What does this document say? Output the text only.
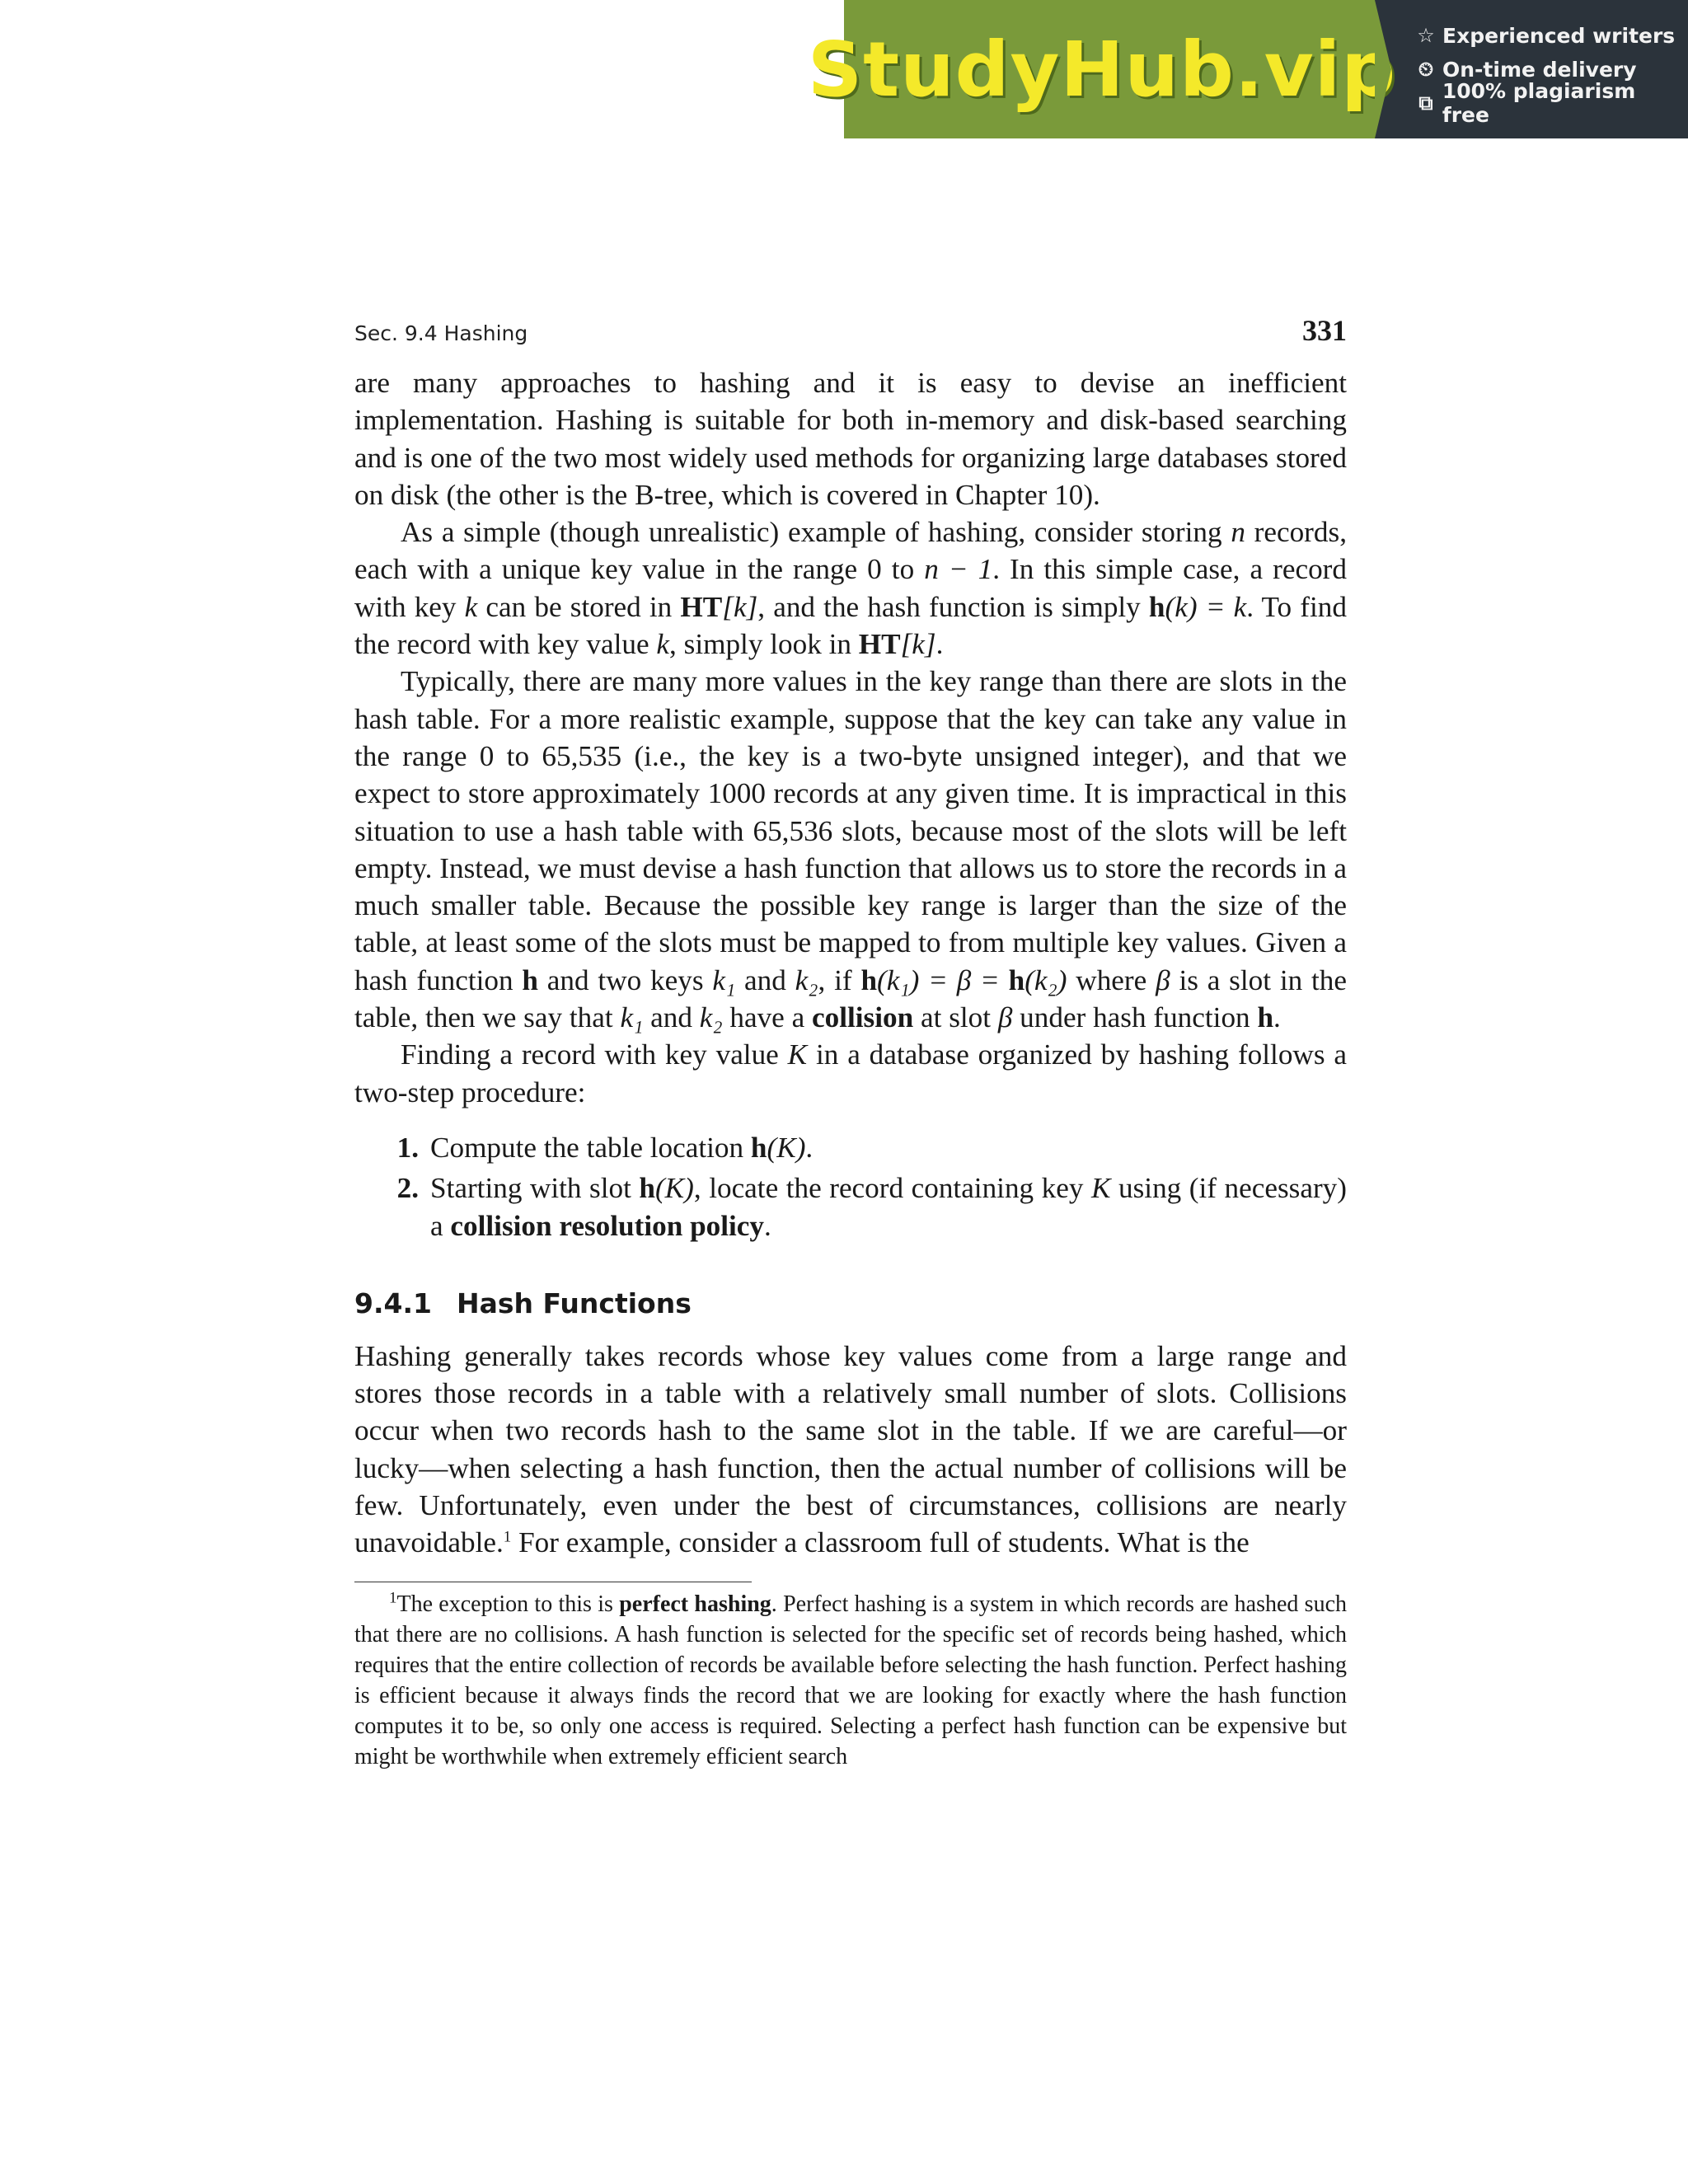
StudyHub.vip ☆ Experienced writers
⏲ On-time delivery
⧉ 100% plagiarism free
Sec. 9.4 Hashing	331

are many approaches to hashing and it is easy to devise an inefficient implementation. Hashing is suitable for both in-memory and disk-based searching and is one of the two most widely used methods for organizing large databases stored on disk (the other is the B-tree, which is covered in Chapter 10).

As a simple (though unrealistic) example of hashing, consider storing n records, each with a unique key value in the range 0 to n − 1. In this simple case, a record with key k can be stored in HT[k], and the hash function is simply h(k) = k. To find the record with key value k, simply look in HT[k].

Typically, there are many more values in the key range than there are slots in the hash table. For a more realistic example, suppose that the key can take any value in the range 0 to 65,535 (i.e., the key is a two-byte unsigned integer), and that we expect to store approximately 1000 records at any given time. It is impractical in this situation to use a hash table with 65,536 slots, because most of the slots will be left empty. Instead, we must devise a hash function that allows us to store the records in a much smaller table. Because the possible key range is larger than the size of the table, at least some of the slots must be mapped to from multiple key values. Given a hash function h and two keys k₁ and k₂, if h(k₁) = β = h(k₂) where β is a slot in the table, then we say that k₁ and k₂ have a collision at slot β under hash function h.

Finding a record with key value K in a database organized by hashing follows a two-step procedure:

1. Compute the table location h(K).
2. Starting with slot h(K), locate the record containing key K using (if necessary) a collision resolution policy.
9.4.1 Hash Functions

Hashing generally takes records whose key values come from a large range and stores those records in a table with a relatively small number of slots. Collisions occur when two records hash to the same slot in the table. If we are careful—or lucky—when selecting a hash function, then the actual number of collisions will be few. Unfortunately, even under the best of circumstances, collisions are nearly unavoidable.$^1$ For example, consider a classroom full of students. What is the

$^1$The exception to this is perfect hashing. Perfect hashing is a system in which records are hashed such that there are no collisions. A hash function is selected for the specific set of records being hashed, which requires that the entire collection of records be available before selecting the hash function. Perfect hashing is efficient because it always finds the record that we are looking for exactly where the hash function computes it to be, so only one access is required. Selecting a perfect hash function can be expensive but might be worthwhile when extremely efficient search
